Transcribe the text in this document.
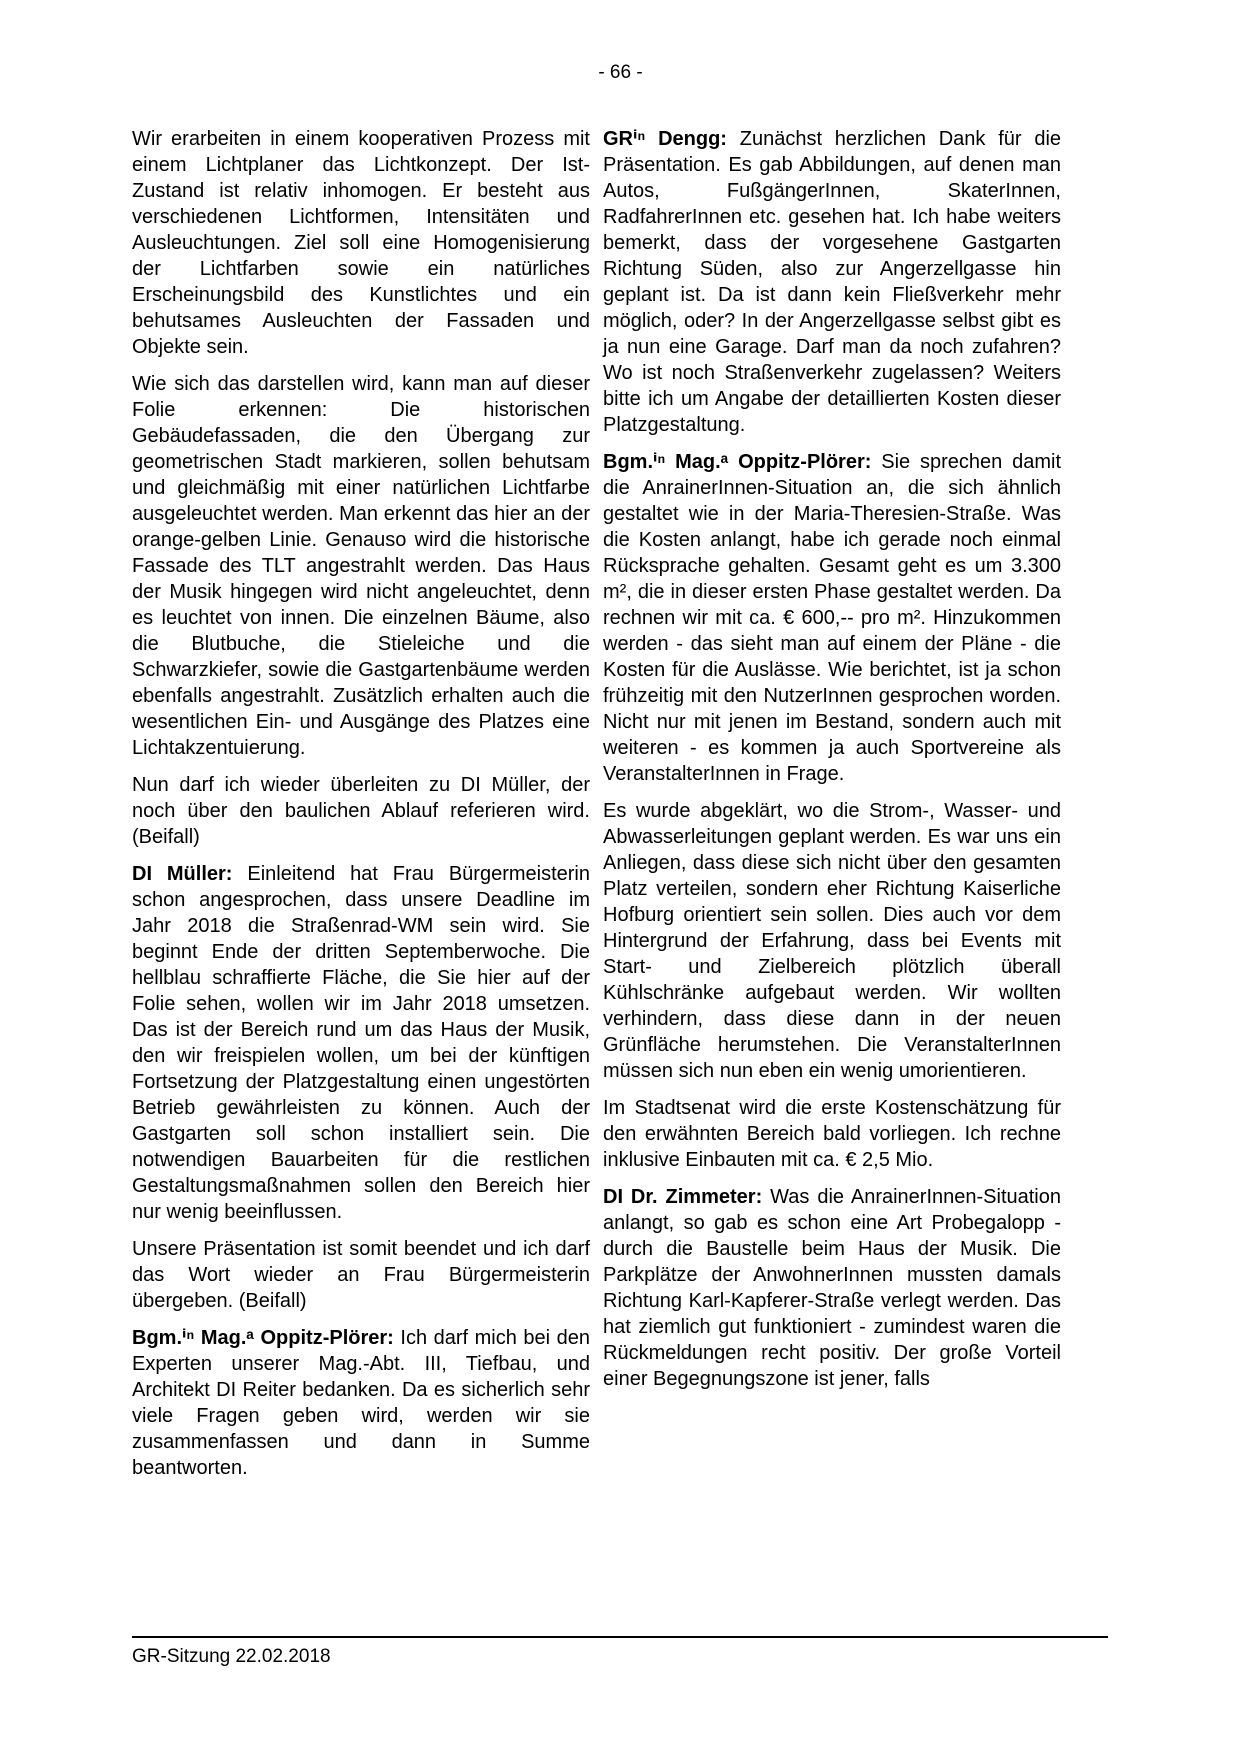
- 66 -

Wir erarbeiten in einem kooperativen Prozess mit einem Lichtplaner das Lichtkonzept. Der Ist-Zustand ist relativ inhomogen. Er besteht aus verschiedenen Lichtformen, Intensitäten und Ausleuchtungen. Ziel soll eine Homogenisierung der Lichtfarben sowie ein natürliches Erscheinungsbild des Kunstlichtes und ein behutsames Ausleuchten der Fassaden und Objekte sein.

Wie sich das darstellen wird, kann man auf dieser Folie erkennen: Die historischen Gebäudefassaden, die den Übergang zur geometrischen Stadt markieren, sollen behutsam und gleichmäßig mit einer natürlichen Lichtfarbe ausgeleuchtet werden. Man erkennt das hier an der orange-gelben Linie. Genauso wird die historische Fassade des TLT angestrahlt werden. Das Haus der Musik hingegen wird nicht angeleuchtet, denn es leuchtet von innen. Die einzelnen Bäume, also die Blutbuche, die Stieleiche und die Schwarzkiefer, sowie die Gastgartenbäume werden ebenfalls angestrahlt. Zusätzlich erhalten auch die wesentlichen Ein- und Ausgänge des Platzes eine Lichtakzentuierung.

Nun darf ich wieder überleiten zu DI Müller, der noch über den baulichen Ablauf referieren wird. (Beifall)

DI Müller: Einleitend hat Frau Bürgermeisterin schon angesprochen, dass unsere Deadline im Jahr 2018 die Straßenrad-WM sein wird. Sie beginnt Ende der dritten Septemberwoche. Die hellblau schraffierte Fläche, die Sie hier auf der Folie sehen, wollen wir im Jahr 2018 umsetzen. Das ist der Bereich rund um das Haus der Musik, den wir freispielen wollen, um bei der künftigen Fortsetzung der Platzgestaltung einen ungestörten Betrieb gewährleisten zu können. Auch der Gastgarten soll schon installiert sein. Die notwendigen Bauarbeiten für die restlichen Gestaltungsmaßnahmen sollen den Bereich hier nur wenig beeinflussen.

Unsere Präsentation ist somit beendet und ich darf das Wort wieder an Frau Bürgermeisterin übergeben. (Beifall)

Bgm.ⁱⁿ Mag.ᵃ Oppitz-Plörer: Ich darf mich bei den Experten unserer Mag.-Abt. III, Tiefbau, und Architekt DI Reiter bedanken. Da es sicherlich sehr viele Fragen geben wird, werden wir sie zusammenfassen und dann in Summe beantworten.

GRⁱⁿ Dengg: Zunächst herzlichen Dank für die Präsentation. Es gab Abbildungen, auf denen man Autos, FußgängerInnen, SkaterInnen, RadfahrerInnen etc. gesehen hat. Ich habe weiters bemerkt, dass der vorgesehene Gastgarten Richtung Süden, also zur Angerzellgasse hin geplant ist. Da ist dann kein Fließverkehr mehr möglich, oder? In der Angerzellgasse selbst gibt es ja nun eine Garage. Darf man da noch zufahren? Wo ist noch Straßenverkehr zugelassen? Weiters bitte ich um Angabe der detaillierten Kosten dieser Platzgestaltung.

Bgm.ⁱⁿ Mag.ᵃ Oppitz-Plörer: Sie sprechen damit die AnrainerInnen-Situation an, die sich ähnlich gestaltet wie in der Maria-Theresien-Straße. Was die Kosten anlangt, habe ich gerade noch einmal Rücksprache gehalten. Gesamt geht es um 3.300 m², die in dieser ersten Phase gestaltet werden. Da rechnen wir mit ca. € 600,-- pro m². Hinzukommen werden - das sieht man auf einem der Pläne - die Kosten für die Auslässe. Wie berichtet, ist ja schon frühzeitig mit den NutzerInnen gesprochen worden. Nicht nur mit jenen im Bestand, sondern auch mit weiteren - es kommen ja auch Sportvereine als VeranstalterInnen in Frage.

Es wurde abgeklärt, wo die Strom-, Wasser- und Abwasserleitungen geplant werden. Es war uns ein Anliegen, dass diese sich nicht über den gesamten Platz verteilen, sondern eher Richtung Kaiserliche Hofburg orientiert sein sollen. Dies auch vor dem Hintergrund der Erfahrung, dass bei Events mit Start- und Zielbereich plötzlich überall Kühlschränke aufgebaut werden. Wir wollten verhindern, dass diese dann in der neuen Grünfläche herumstehen. Die VeranstalterInnen müssen sich nun eben ein wenig umorientieren.

Im Stadtsenat wird die erste Kostenschätzung für den erwähnten Bereich bald vorliegen. Ich rechne inklusive Einbauten mit ca. € 2,5 Mio.

DI Dr. Zimmeter: Was die AnrainerInnen-Situation anlangt, so gab es schon eine Art Probegalopp - durch die Baustelle beim Haus der Musik. Die Parkplätze der AnwohnerInnen mussten damals Richtung Karl-Kapferer-Straße verlegt werden. Das hat ziemlich gut funktioniert - zumindest waren die Rückmeldungen recht positiv. Der große Vorteil einer Begegnungszone ist jener, falls

GR-Sitzung 22.02.2018
